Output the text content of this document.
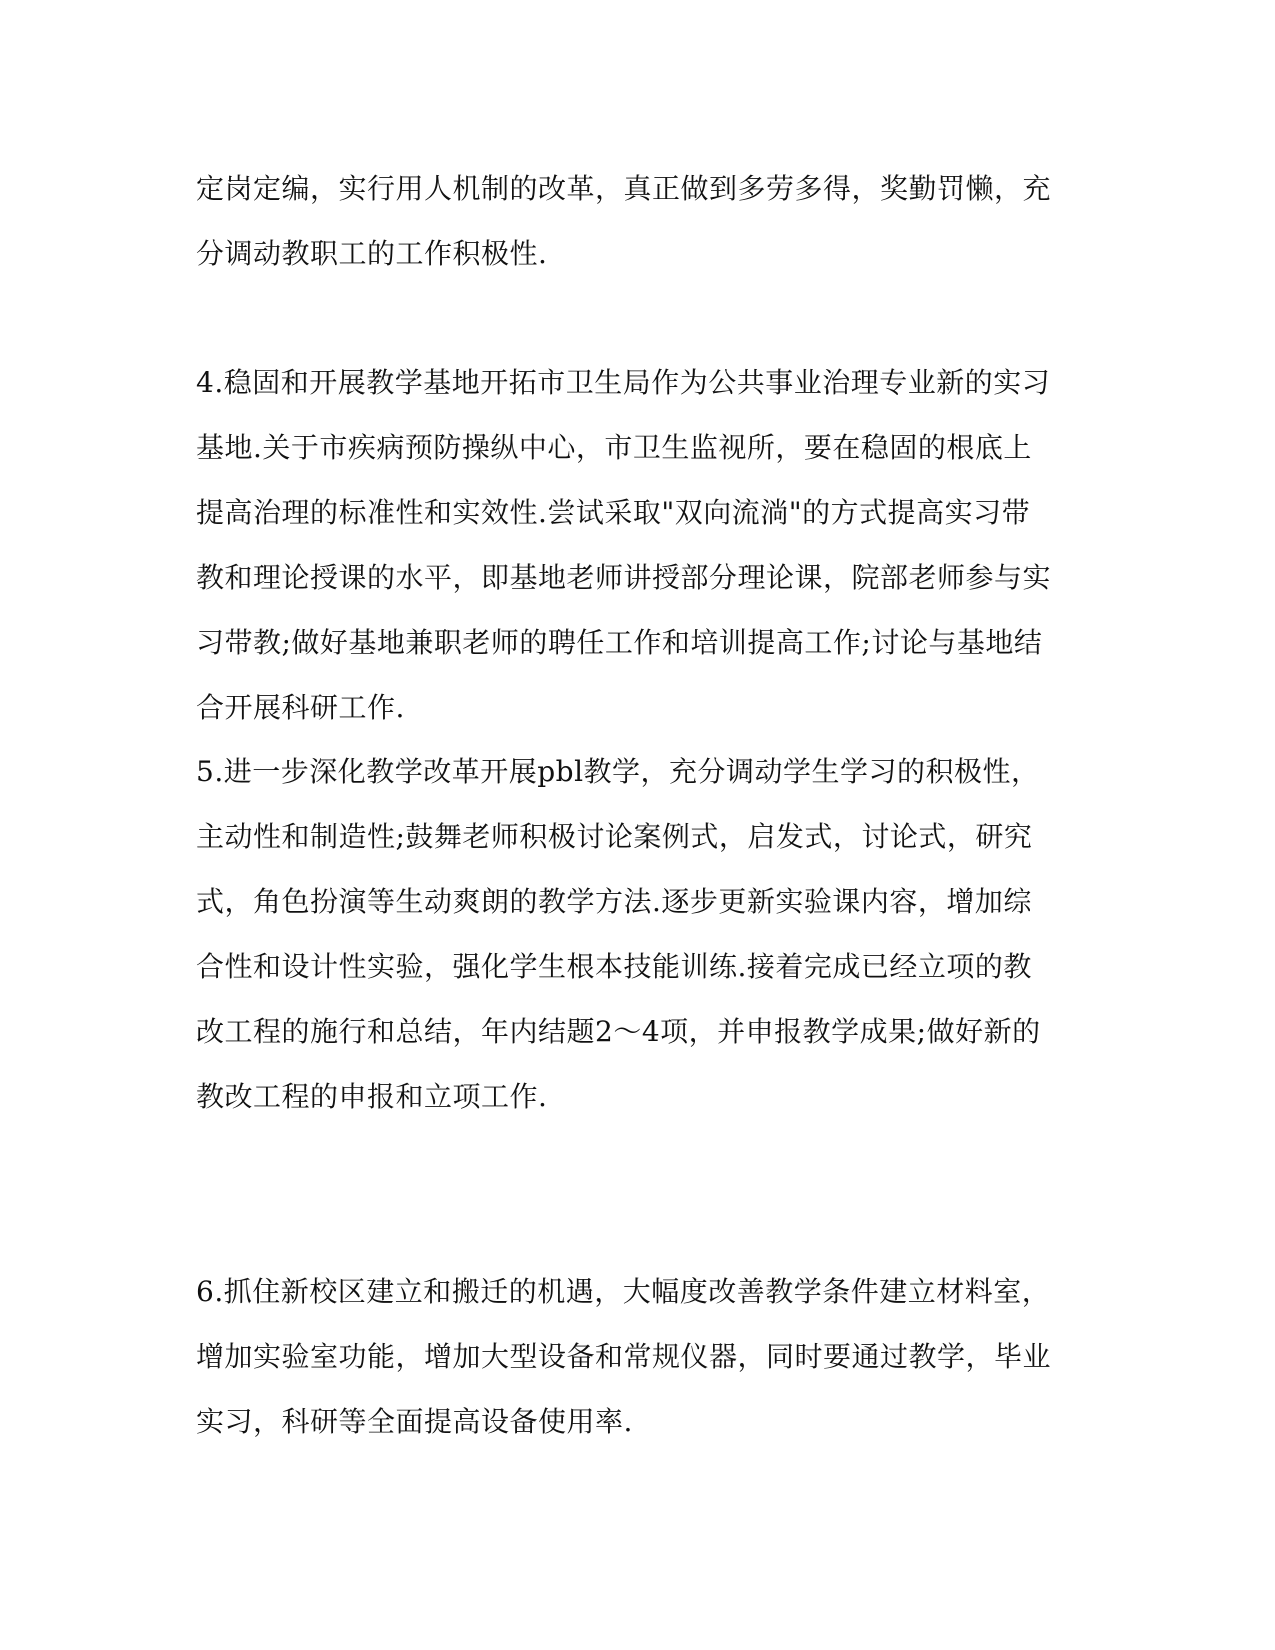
定岗定编，实行用人机制的改革，真正做到多劳多得，奖勤罚懒，充
分调动教职工的工作积极性.
4.稳固和开展教学基地开拓市卫生局作为公共事业治理专业新的实习
基地.关于市疾病预防操纵中心，市卫生监视所，要在稳固的根底上
提高治理的标准性和实效性.尝试采取"双向流淌"的方式提高实习带
教和理论授课的水平，即基地老师讲授部分理论课，院部老师参与实
习带教;做好基地兼职老师的聘任工作和培训提高工作;讨论与基地结
合开展科研工作.
5.进一步深化教学改革开展pbl教学，充分调动学生学习的积极性，
主动性和制造性;鼓舞老师积极讨论案例式，启发式，讨论式，研究
式，角色扮演等生动爽朗的教学方法.逐步更新实验课内容，增加综
合性和设计性实验，强化学生根本技能训练.接着完成已经立项的教
改工程的施行和总结，年内结题2～4项，并申报教学成果;做好新的
教改工程的申报和立项工作.
6.抓住新校区建立和搬迁的机遇，大幅度改善教学条件建立材料室，
增加实验室功能，增加大型设备和常规仪器，同时要通过教学，毕业
实习，科研等全面提高设备使用率.
